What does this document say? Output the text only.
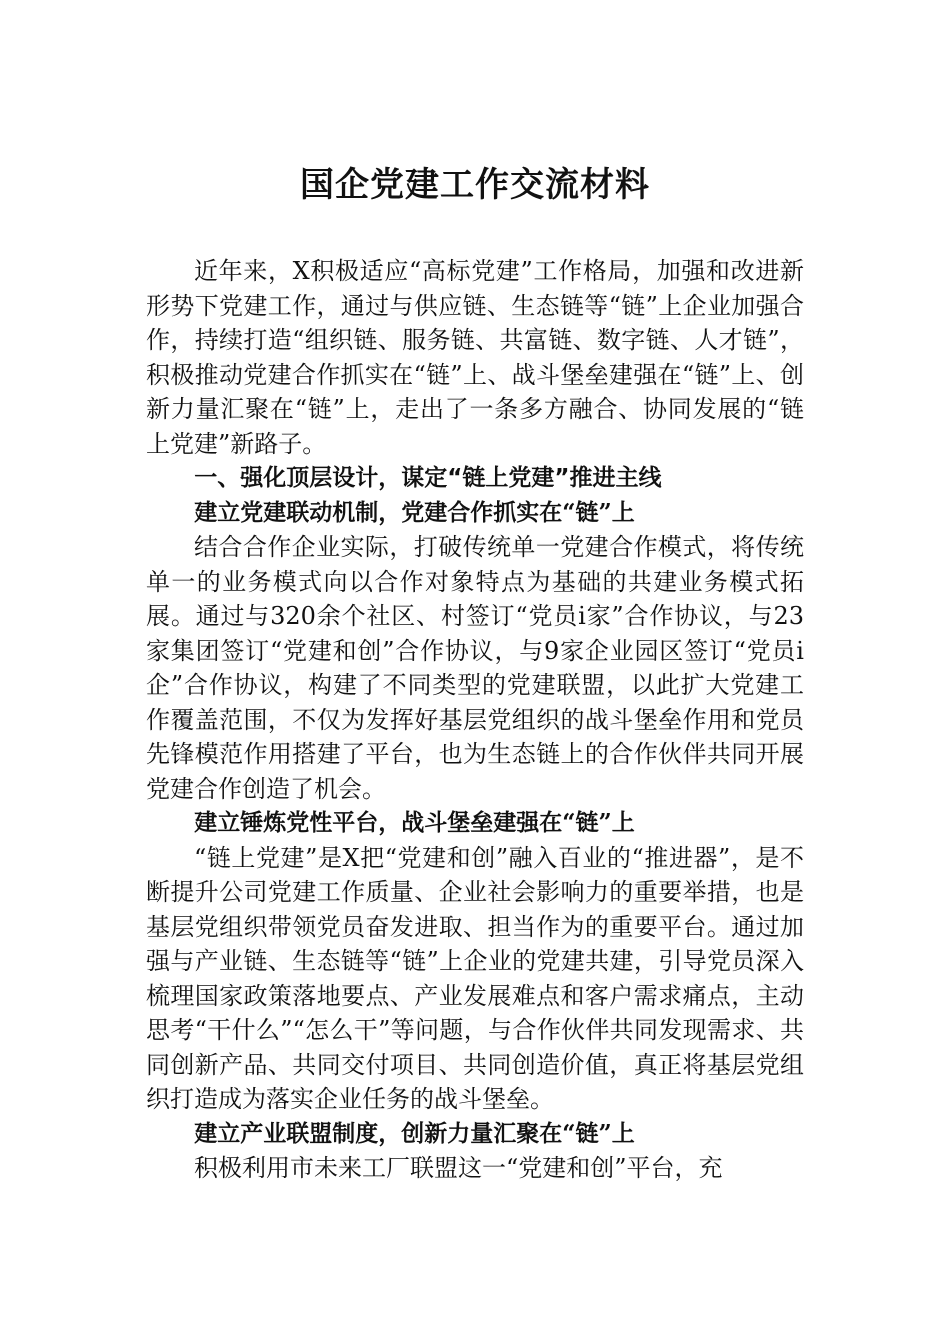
国企党建工作交流材料

近年来，X积极适应“高标党建”工作格局，加强和改进新形势下党建工作，通过与供应链、生态链等“链”上企业加强合作，持续打造“组织链、服务链、共富链、数字链、人才链”，积极推动党建合作抓实在“链”上、战斗堡垒建强在“链”上、创新力量汇聚在“链”上，走出了一条多方融合、协同发展的“链上党建”新路子。

一、强化顶层设计，谋定“链上党建”推进主线

建立党建联动机制，党建合作抓实在“链”上

结合合作企业实际，打破传统单一党建合作模式，将传统单一的业务模式向以合作对象特点为基础的共建业务模式拓展。通过与320余个社区、村签订“党员i家”合作协议，与23家集团签订“党建和创”合作协议，与9家企业园区签订“党员i企”合作协议，构建了不同类型的党建联盟，以此扩大党建工作覆盖范围，不仅为发挥好基层党组织的战斗堡垒作用和党员先锋模范作用搭建了平台，也为生态链上的合作伙伴共同开展党建合作创造了机会。

建立锤炼党性平台，战斗堡垒建强在“链”上

“链上党建”是X把“党建和创”融入百业的“推进器”，是不断提升公司党建工作质量、企业社会影响力的重要举措，也是基层党组织带领党员奋发进取、担当作为的重要平台。通过加强与产业链、生态链等“链”上企业的党建共建，引导党员深入梳理国家政策落地要点、产业发展难点和客户需求痛点，主动思考“干什么”“怎么干”等问题，与合作伙伴共同发现需求、共同创新产品、共同交付项目、共同创造价值，真正将基层党组织打造成为落实企业任务的战斗堡垒。

建立产业联盟制度，创新力量汇聚在“链”上

积极利用市未来工厂联盟这一“党建和创”平台，充
